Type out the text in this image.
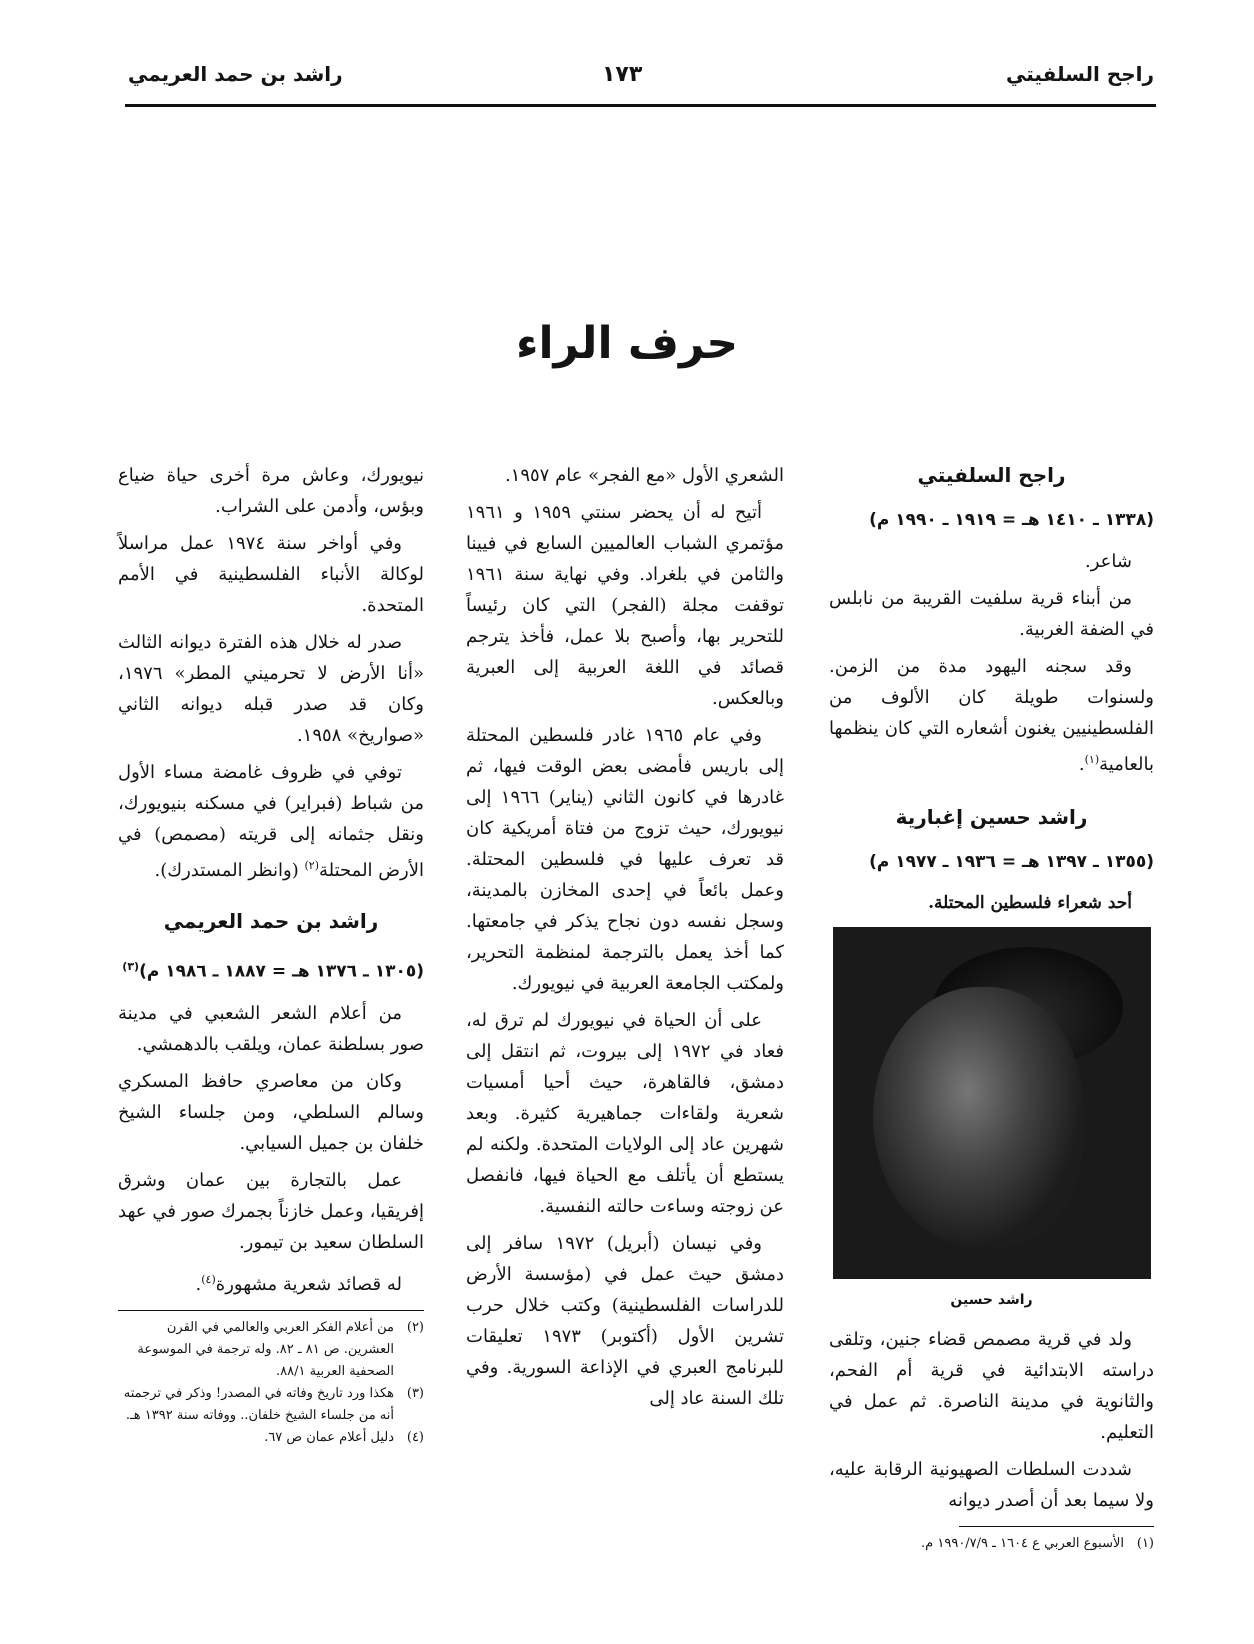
راجح السلفيتي
١٧٣
راشد بن حمد العريمي
حرف الراء
راجح السلفيتي
(١٣٣٨ ـ ١٤١٠ هـ = ١٩١٩ ـ ١٩٩٠ م)

شاعر.

من أبناء قرية سلفيت القريبة من نابلس في الضفة الغربية.

وقد سجنه اليهود مدة من الزمن. ولسنوات طويلة كان الألوف من الفلسطينيين يغنون أشعاره التي كان ينظمها بالعامية$^{(١)}$.

راشد حسين إغبارية
(١٣٥٥ ـ ١٣٩٧ هـ = ١٩٣٦ ـ ١٩٧٧ م)
أحد شعراء فلسطين المحتلة.
راشد حسين

ولد في قرية مصمص قضاء جنين، وتلقى دراسته الابتدائية في قرية أم الفحم، والثانوية في مدينة الناصرة. ثم عمل في التعليم.

شددت السلطات الصهيونية الرقابة عليه، ولا سيما بعد أن أصدر ديوانه

(١)
الأسبوع العربي ع ١٦٠٤ ـ ١٩٩٠/٧/٩ م.

الشعري الأول «مع الفجر» عام ١٩٥٧.

أتيح له أن يحضر سنتي ١٩٥٩ و ١٩٦١ مؤتمري الشباب العالميين السابع في فيينا والثامن في بلغراد. وفي نهاية سنة ١٩٦١ توقفت مجلة (الفجر) التي كان رئيساً للتحرير بها، وأصبح بلا عمل، فأخذ يترجم قصائد في اللغة العربية إلى العبرية وبالعكس.

وفي عام ١٩٦٥ غادر فلسطين المحتلة إلى باريس فأمضى بعض الوقت فيها، ثم غادرها في كانون الثاني (يناير) ١٩٦٦ إلى نيويورك، حيث تزوج من فتاة أمريكية كان قد تعرف عليها في فلسطين المحتلة. وعمل بائعاً في إحدى المخازن بالمدينة، وسجل نفسه دون نجاح يذكر في جامعتها. كما أخذ يعمل بالترجمة لمنظمة التحرير، ولمكتب الجامعة العربية في نيويورك.

على أن الحياة في نيويورك لم ترق له، فعاد في ١٩٧٢ إلى بيروت، ثم انتقل إلى دمشق، فالقاهرة، حيث أحيا أمسيات شعرية ولقاءات جماهيرية كثيرة. وبعد شهرين عاد إلى الولايات المتحدة. ولكنه لم يستطع أن يأتلف مع الحياة فيها، فانفصل عن زوجته وساءت حالته النفسية.

وفي نيسان (أبريل) ١٩٧٢ سافر إلى دمشق حيث عمل في (مؤسسة الأرض للدراسات الفلسطينية) وكتب خلال حرب تشرين الأول (أكتوبر) ١٩٧٣ تعليقات للبرنامج العبري في الإذاعة السورية. وفي تلك السنة عاد إلى

نيويورك، وعاش مرة أخرى حياة ضياع وبؤس، وأدمن على الشراب.

وفي أواخر سنة ١٩٧٤ عمل مراسلاً لوكالة الأنباء الفلسطينية في الأمم المتحدة.

صدر له خلال هذه الفترة ديوانه الثالث «أنا الأرض لا تحرميني المطر» ١٩٧٦، وكان قد صدر قبله ديوانه الثاني «صواريخ» ١٩٥٨.

توفي في ظروف غامضة مساء الأول من شباط (فبراير) في مسكنه بنيويورك، ونقل جثمانه إلى قريته (مصمص) في الأرض المحتلة$^{(٢)}$ (وانظر المستدرك).

راشد بن حمد العريمي
(١٣٠٥ ـ ١٣٧٦ هـ = ١٨٨٧ ـ ١٩٨٦ م)$^{(٣)}$

من أعلام الشعر الشعبي في مدينة صور بسلطنة عمان، ويلقب بالدهمشي.

وكان من معاصري حافظ المسكري وسالم السلطي، ومن جلساء الشيخ خلفان بن جميل السيابي.

عمل بالتجارة بين عمان وشرق إفريقيا، وعمل خازناً بجمرك صور في عهد السلطان سعيد بن تيمور.

له قصائد شعرية مشهورة$^{(٤)}$.

(٢)
من أعلام الفكر العربي والعالمي في القرن العشرين. ص ٨١ ـ ٨٢. وله ترجمة في الموسوعة الصحفية العربية ٨٨/١.
(٣)
هكذا ورد تاريخ وفاته في المصدر! وذكر في ترجمته أنه من جلساء الشيخ خلفان.. ووفاته سنة ١٣٩٢ هـ.
(٤)
دليل أعلام عمان ص ٦٧.
